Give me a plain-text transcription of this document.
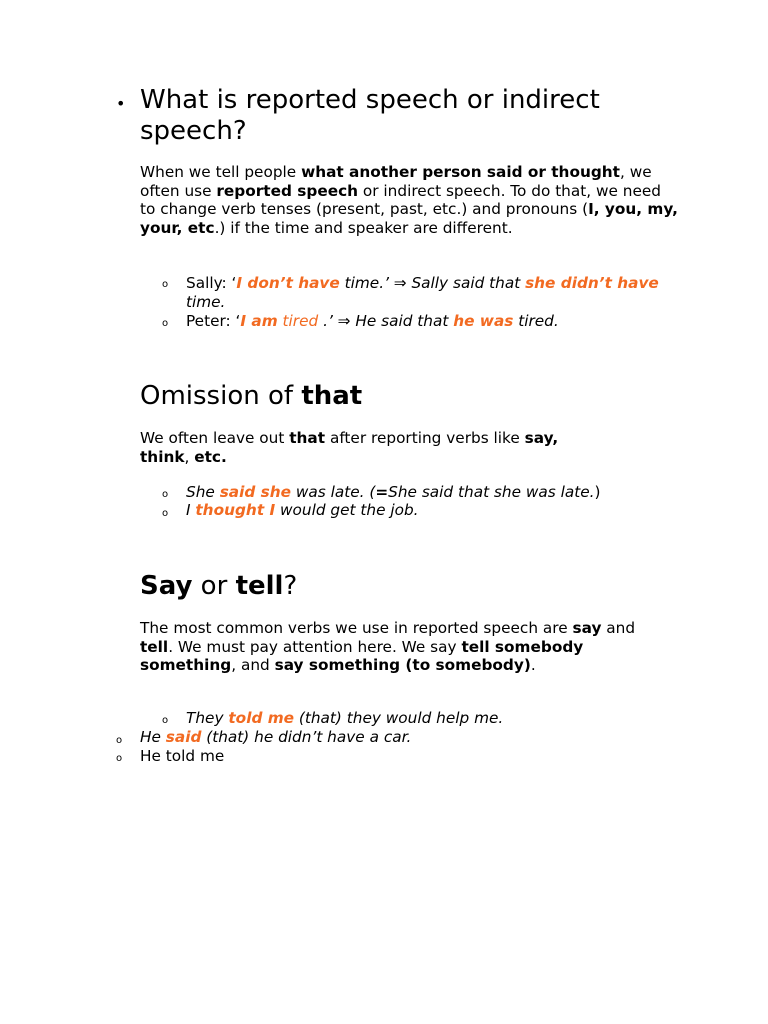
• What is reported speech or indirect speech?
When we tell people what another person said or thought, we often use reported speech or indirect speech. To do that, we need to change verb tenses (present, past, etc.) and pronouns (I, you, my, your, etc.) if the time and speaker are different.
o Sally: ‘I don’t have time.’ ⇒ Sally said that she didn’t have time.
o Peter: ‘I am tired .’ ⇒ He said that he was tired.
Omission of that
We often leave out that after reporting verbs like say,
think, etc.
o She said she was late. (=She said that she was late.)
o I thought I would get the job.
Say or tell?
The most common verbs we use in reported speech are say and tell. We must pay attention here. We say tell somebody something, and say something (to somebody).
o They told me (that) they would help me.
o He said (that) he didn’t have a car.
o He told me
